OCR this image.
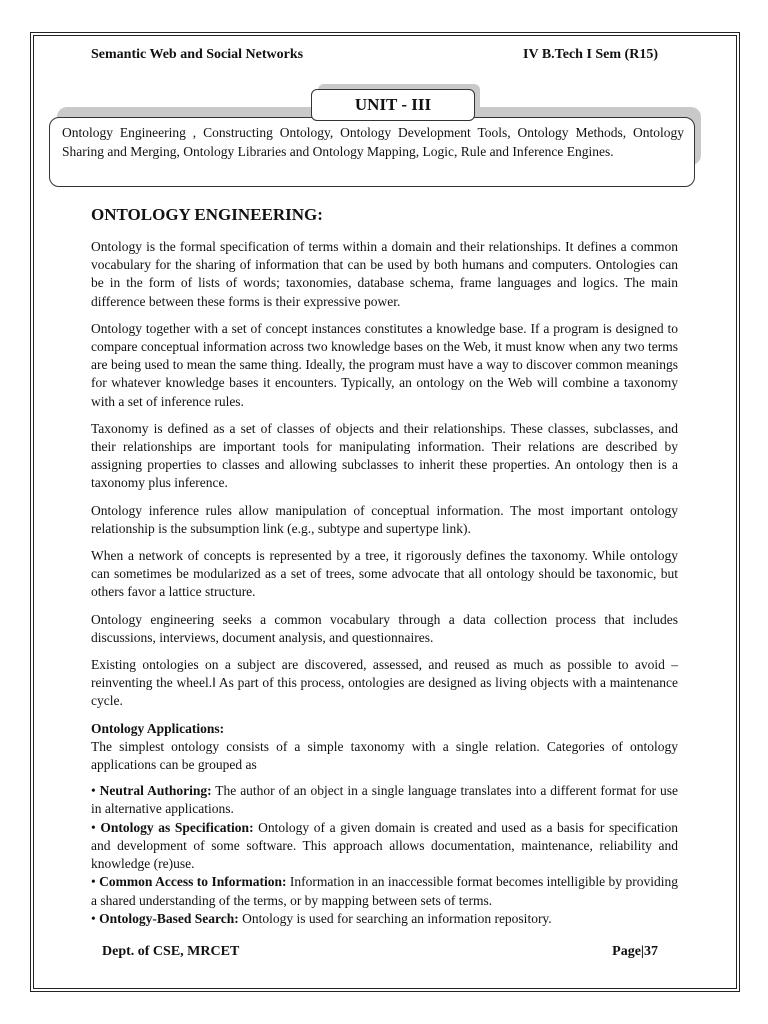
Semantic Web and Social Networks	IV B.Tech I Sem (R15)
UNIT - III
Ontology Engineering , Constructing Ontology, Ontology Development Tools, Ontology Methods, Ontology Sharing and Merging, Ontology Libraries and Ontology Mapping, Logic, Rule and Inference Engines.
ONTOLOGY ENGINEERING:

Ontology is the formal specification of terms within a domain and their relationships. It defines a common vocabulary for the sharing of information that can be used by both humans and computers. Ontologies can be in the form of lists of words; taxonomies, database schema, frame languages and logics. The main difference between these forms is their expressive power.

Ontology together with a set of concept instances constitutes a knowledge base. If a program is designed to compare conceptual information across two knowledge bases on the Web, it must know when any two terms are being used to mean the same thing. Ideally, the program must have a way to discover common meanings for whatever knowledge bases it encounters. Typically, an ontology on the Web will combine a taxonomy with a set of inference rules.

Taxonomy is defined as a set of classes of objects and their relationships. These classes, subclasses, and their relationships are important tools for manipulating information. Their relations are described by assigning properties to classes and allowing subclasses to inherit these properties. An ontology then is a taxonomy plus inference.

Ontology inference rules allow manipulation of conceptual information. The most important ontology relationship is the subsumption link (e.g., subtype and supertype link).

When a network of concepts is represented by a tree, it rigorously defines the taxonomy. While ontology can sometimes be modularized as a set of trees, some advocate that all ontology should be taxonomic, but others favor a lattice structure.

Ontology engineering seeks a common vocabulary through a data collection process that includes discussions, interviews, document analysis, and questionnaires.

Existing ontologies on a subject are discovered, assessed, and reused as much as possible to avoid –reinventing the wheel.‖ As part of this process, ontologies are designed as living objects with a maintenance cycle.

Ontology Applications:

The simplest ontology consists of a simple taxonomy with a single relation. Categories of ontology applications can be grouped as

• Neutral Authoring: The author of an object in a single language translates into a different format for use in alternative applications.

• Ontology as Specification: Ontology of a given domain is created and used as a basis for specification and development of some software. This approach allows documentation, maintenance, reliability and knowledge (re)use.

• Common Access to Information: Information in an inaccessible format becomes intelligible by providing a shared understanding of the terms, or by mapping between sets of terms.

• Ontology-Based Search: Ontology is used for searching an information repository.

Dept. of CSE, MRCET	Page|37
